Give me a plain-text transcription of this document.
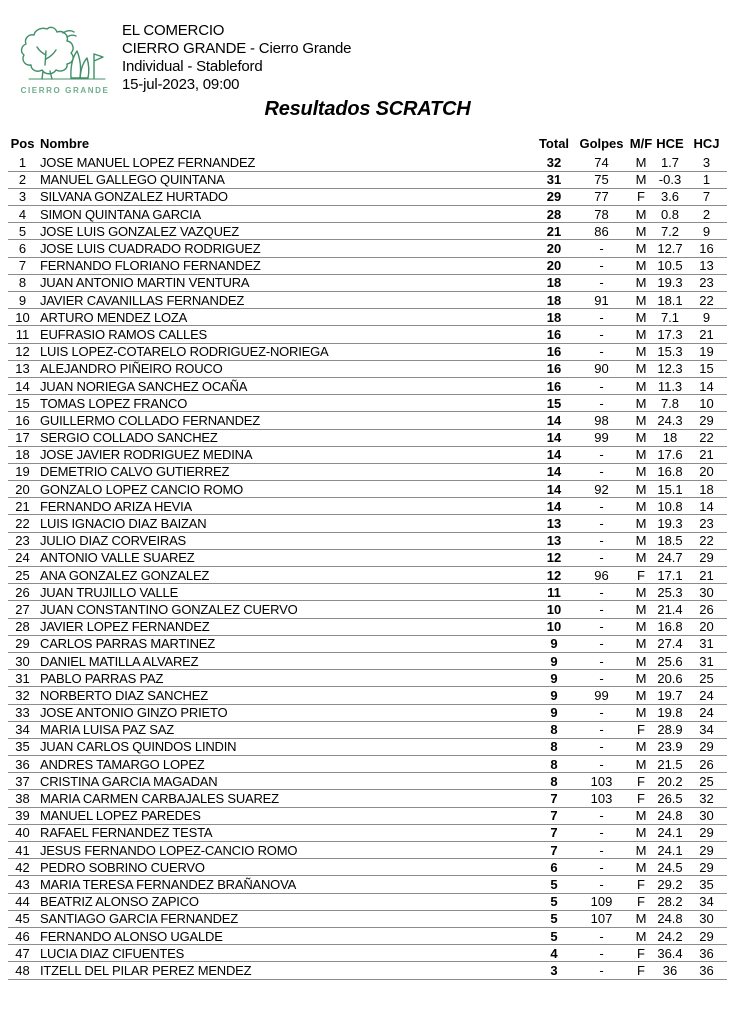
CIERRO GRANDE
EL COMERCIO
CIERRO GRANDE - Cierro Grande
Individual - Stableford
15-jul-2023, 09:00
Resultados SCRATCH
Pos	Nombre	Total	Golpes	M/F	HCE	HCJ
1	JOSE MANUEL LOPEZ FERNANDEZ	32	74	M	1.7	3
2	MANUEL GALLEGO QUINTANA	31	75	M	-0.3	1
3	SILVANA GONZALEZ HURTADO	29	77	F	3.6	7
4	SIMON QUINTANA GARCIA	28	78	M	0.8	2
5	JOSE LUIS GONZALEZ VAZQUEZ	21	86	M	7.2	9
6	JOSE LUIS CUADRADO RODRIGUEZ	20	-	M	12.7	16
7	FERNANDO FLORIANO FERNANDEZ	20	-	M	10.5	13
8	JUAN ANTONIO MARTIN VENTURA	18	-	M	19.3	23
9	JAVIER CAVANILLAS FERNANDEZ	18	91	M	18.1	22
10	ARTURO MENDEZ LOZA	18	-	M	7.1	9
11	EUFRASIO RAMOS CALLES	16	-	M	17.3	21
12	LUIS LOPEZ-COTARELO RODRIGUEZ-NORIEGA	16	-	M	15.3	19
13	ALEJANDRO PIÑEIRO ROUCO	16	90	M	12.3	15
14	JUAN NORIEGA SANCHEZ OCAÑA	16	-	M	11.3	14
15	TOMAS LOPEZ FRANCO	15	-	M	7.8	10
16	GUILLERMO COLLADO FERNANDEZ	14	98	M	24.3	29
17	SERGIO COLLADO SANCHEZ	14	99	M	18	22
18	JOSE JAVIER RODRIGUEZ MEDINA	14	-	M	17.6	21
19	DEMETRIO CALVO GUTIERREZ	14	-	M	16.8	20
20	GONZALO LOPEZ CANCIO ROMO	14	92	M	15.1	18
21	FERNANDO ARIZA HEVIA	14	-	M	10.8	14
22	LUIS IGNACIO DIAZ BAIZAN	13	-	M	19.3	23
23	JULIO DIAZ CORVEIRAS	13	-	M	18.5	22
24	ANTONIO VALLE SUAREZ	12	-	M	24.7	29
25	ANA GONZALEZ GONZALEZ	12	96	F	17.1	21
26	JUAN TRUJILLO VALLE	11	-	M	25.3	30
27	JUAN CONSTANTINO GONZALEZ CUERVO	10	-	M	21.4	26
28	JAVIER LOPEZ FERNANDEZ	10	-	M	16.8	20
29	CARLOS PARRAS MARTINEZ	9	-	M	27.4	31
30	DANIEL MATILLA ALVAREZ	9	-	M	25.6	31
31	PABLO PARRAS PAZ	9	-	M	20.6	25
32	NORBERTO DIAZ SANCHEZ	9	99	M	19.7	24
33	JOSE ANTONIO GINZO PRIETO	9	-	M	19.8	24
34	MARIA LUISA PAZ SAZ	8	-	F	28.9	34
35	JUAN CARLOS QUINDOS LINDIN	8	-	M	23.9	29
36	ANDRES TAMARGO LOPEZ	8	-	M	21.5	26
37	CRISTINA GARCIA MAGADAN	8	103	F	20.2	25
38	MARIA CARMEN CARBAJALES SUAREZ	7	103	F	26.5	32
39	MANUEL LOPEZ PAREDES	7	-	M	24.8	30
40	RAFAEL FERNANDEZ TESTA	7	-	M	24.1	29
41	JESUS FERNANDO LOPEZ-CANCIO ROMO	7	-	M	24.1	29
42	PEDRO SOBRINO CUERVO	6	-	M	24.5	29
43	MARIA TERESA FERNANDEZ BRAÑANOVA	5	-	F	29.2	35
44	BEATRIZ ALONSO ZAPICO	5	109	F	28.2	34
45	SANTIAGO GARCIA FERNANDEZ	5	107	M	24.8	30
46	FERNANDO ALONSO UGALDE	5	-	M	24.2	29
47	LUCIA DIAZ CIFUENTES	4	-	F	36.4	36
48	ITZELL DEL PILAR PEREZ MENDEZ	3	-	F	36	36
